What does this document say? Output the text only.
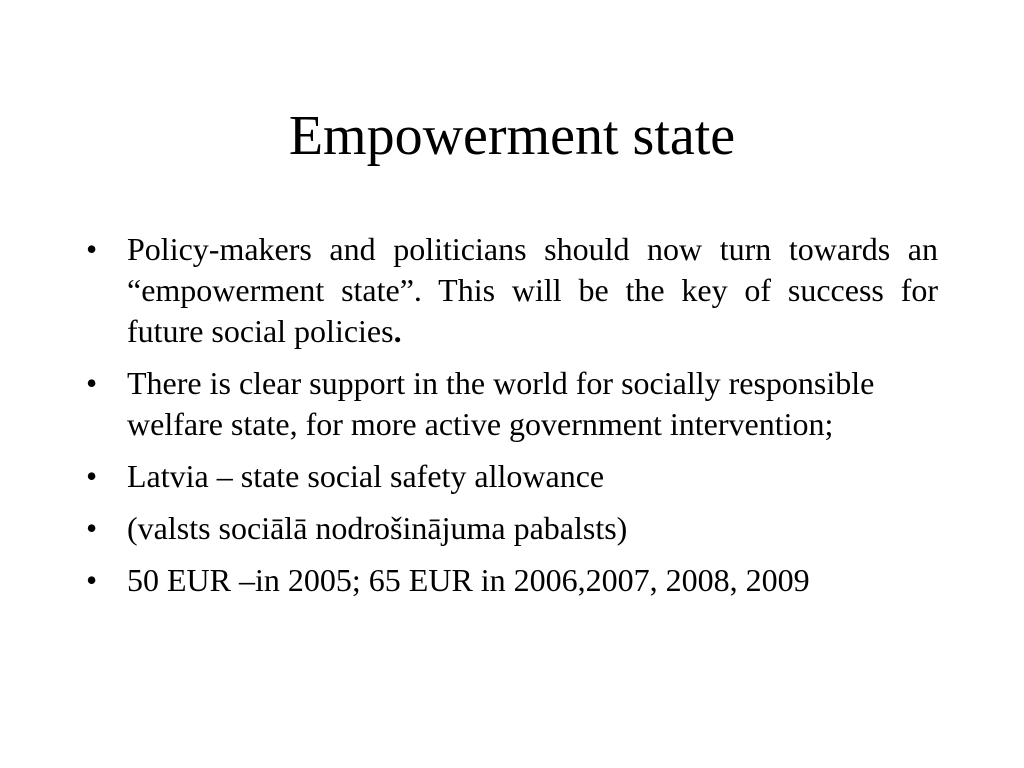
Empowerment state
• Policy-makers and politicians should now turn towards an “empowerment state”. This will be the key of success for future social policies.
• There is clear support in the world for socially responsible welfare state, for more active government intervention;
• Latvia – state social safety allowance
• (valsts sociālā nodrošinājuma pabalsts)
• 50 EUR –in 2005; 65 EUR in 2006,2007, 2008, 2009
